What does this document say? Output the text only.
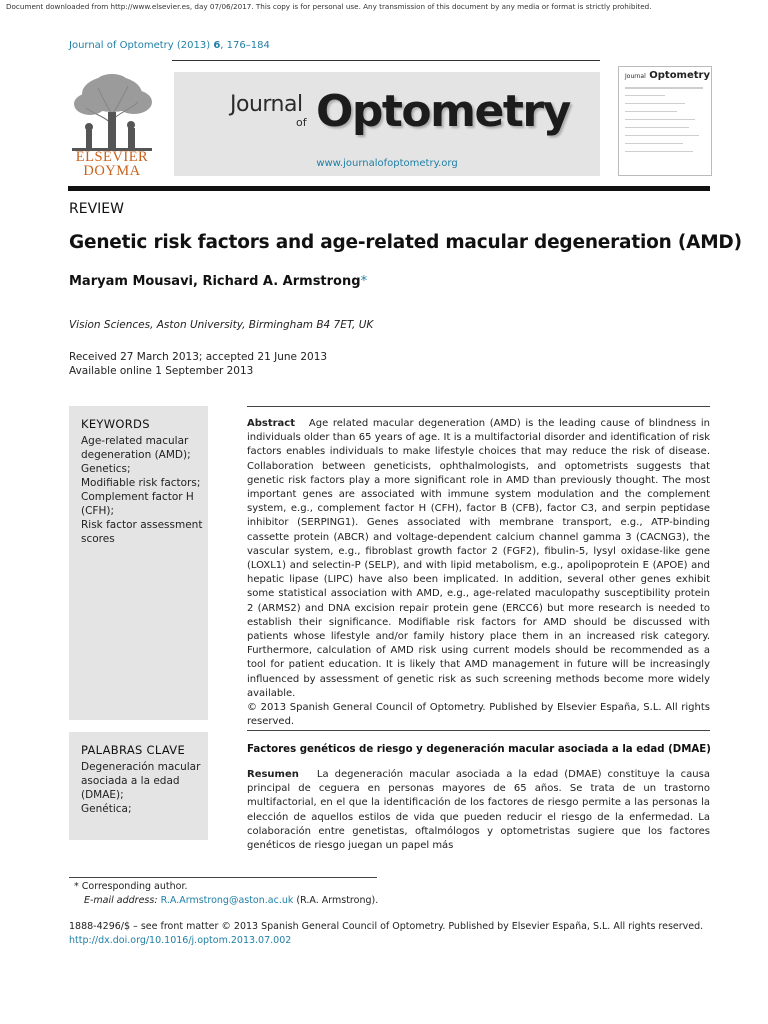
Document downloaded from http://www.elsevier.es, day 07/06/2017. This copy is for personal use. Any transmission of this document by any media or format is strictly prohibited.
Journal of Optometry (2013) 6, 176–184
ELSEVIER
DOYMA
Journal
of Optometry
www.journalofoptometry.org
Journal Optometry
REVIEW
Genetic risk factors and age-related macular degeneration (AMD)
Maryam Mousavi, Richard A. Armstrong*
Vision Sciences, Aston University, Birmingham B4 7ET, UK
Received 27 March 2013; accepted 21 June 2013
Available online 1 September 2013
KEYWORDS
Age-related macular degeneration (AMD);
Genetics;
Modifiable risk factors;
Complement factor H (CFH);
Risk factor assessment scores
Abstract Age related macular degeneration (AMD) is the leading cause of blindness in individuals older than 65 years of age. It is a multifactorial disorder and identification of risk factors enables individuals to make lifestyle choices that may reduce the risk of disease. Collaboration between geneticists, ophthalmologists, and optometrists suggests that genetic risk factors play a more significant role in AMD than previously thought. The most important genes are associated with immune system modulation and the complement system, e.g., complement factor H (CFH), factor B (CFB), factor C3, and serpin peptidase inhibitor (SERPING1). Genes associated with membrane transport, e.g., ATP-binding cassette protein (ABCR) and voltage-dependent calcium channel gamma 3 (CACNG3), the vascular system, e.g., fibroblast growth factor 2 (FGF2), fibulin-5, lysyl oxidase-like gene (LOXL1) and selectin-P (SELP), and with lipid metabolism, e.g., apolipoprotein E (APOE) and hepatic lipase (LIPC) have also been implicated. In addition, several other genes exhibit some statistical association with AMD, e.g., age-related maculopathy susceptibility protein 2 (ARMS2) and DNA excision repair protein gene (ERCC6) but more research is needed to establish their significance. Modifiable risk factors for AMD should be discussed with patients whose lifestyle and/or family history place them in an increased risk category. Furthermore, calculation of AMD risk using current models should be recommended as a tool for patient education. It is likely that AMD management in future will be increasingly influenced by assessment of genetic risk as such screening methods become more widely available.
© 2013 Spanish General Council of Optometry. Published by Elsevier España, S.L. All rights reserved.
PALABRAS CLAVE
Degeneración macular asociada a la edad (DMAE);
Genética;
Factores genéticos de riesgo y degeneración macular asociada a la edad (DMAE)
Resumen La degeneración macular asociada a la edad (DMAE) constituye la causa principal de ceguera en personas mayores de 65 años. Se trata de un trastorno multifactorial, en el que la identificación de los factores de riesgo permite a las personas la elección de aquellos estilos de vida que pueden reducir el riesgo de la enfermedad. La colaboración entre genetistas, oftalmólogos y optometristas sugiere que los factores genéticos de riesgo juegan un papel más
* Corresponding author.
E-mail address: R.A.Armstrong@aston.ac.uk (R.A. Armstrong).
1888-4296/$ – see front matter © 2013 Spanish General Council of Optometry. Published by Elsevier España, S.L. All rights reserved.
http://dx.doi.org/10.1016/j.optom.2013.07.002
